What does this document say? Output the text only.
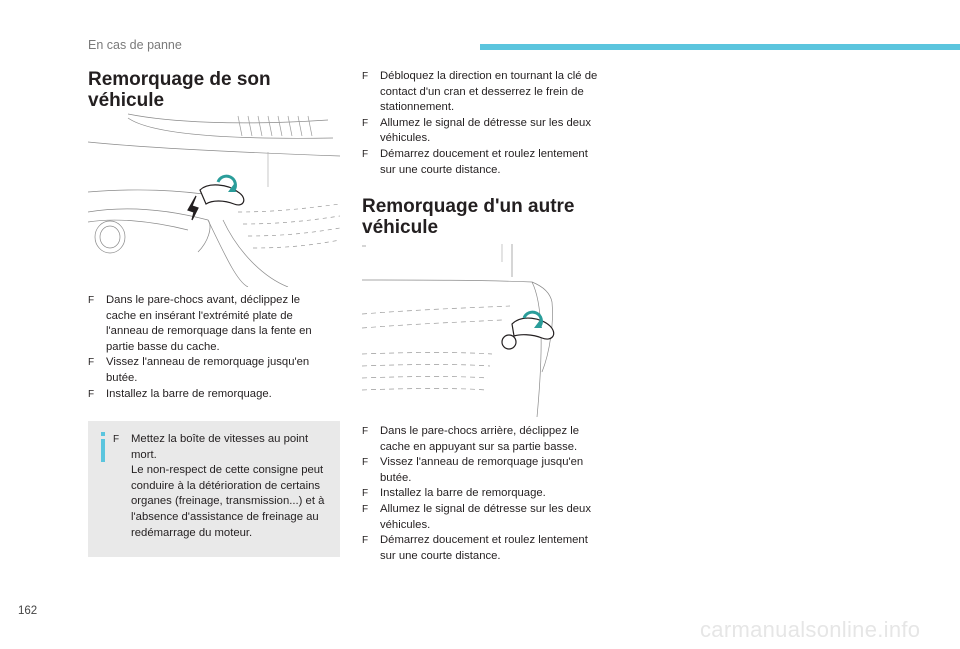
En cas de panne
Remorquage de son
véhicule
F Dans le pare-chocs avant, déclippez le
cache en insérant l'extrémité plate de
l'anneau de remorquage dans la fente en
partie basse du cache.
F Vissez l'anneau de remorquage jusqu'en
butée.
F Installez la barre de remorquage.
F Mettez la boîte de vitesses au point
mort.
Le non-respect de cette consigne peut
conduire à la détérioration de certains
organes (freinage, transmission...) et à
l'absence d'assistance de freinage au
redémarrage du moteur.
F Débloquez la direction en tournant la clé de
contact d'un cran et desserrez le frein de
stationnement.
F Allumez le signal de détresse sur les deux
véhicules.
F Démarrez doucement et roulez lentement
sur une courte distance.
Remorquage d'un autre
véhicule
F Dans le pare-chocs arrière, déclippez le
cache en appuyant sur sa partie basse.
F Vissez l'anneau de remorquage jusqu'en
butée.
F Installez la barre de remorquage.
F Allumez le signal de détresse sur les deux
véhicules.
F Démarrez doucement et roulez lentement
sur une courte distance.
162
carmanualsonline.info
